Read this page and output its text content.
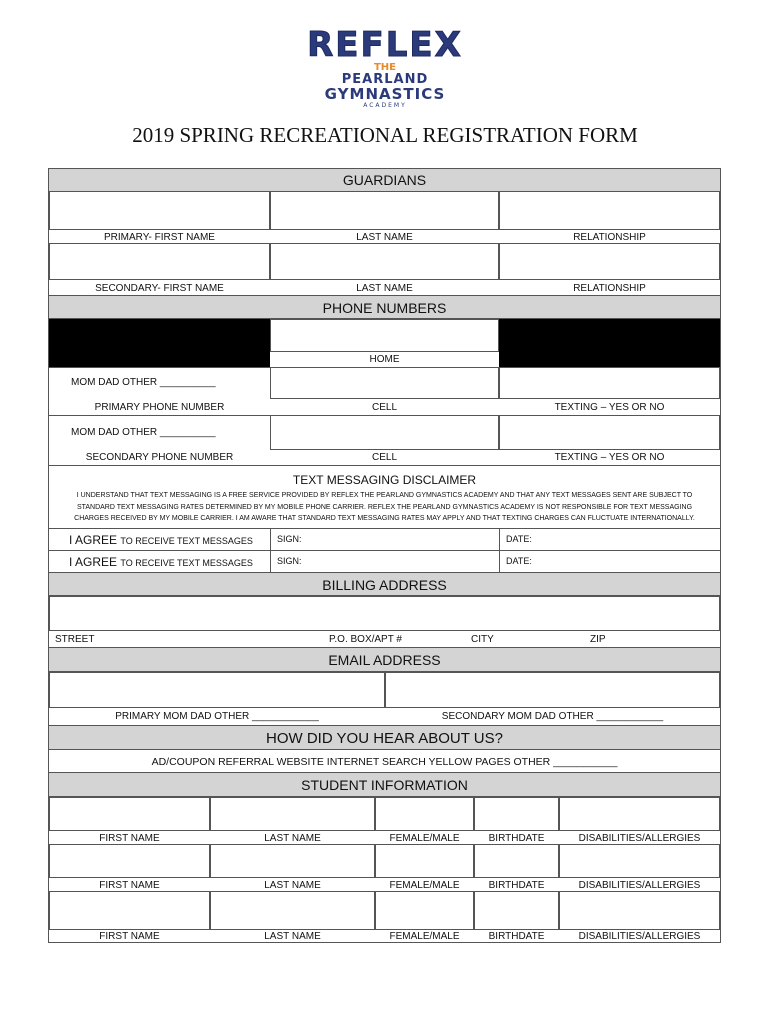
REFLEX
THE
PEARLAND
GYMNASTICS
ACADEMY
2019 SPRING RECREATIONAL REGISTRATION FORM
GUARDIANS
PRIMARY- FIRST NAME	LAST NAME	RELATIONSHIP
SECONDARY- FIRST NAME	LAST NAME	RELATIONSHIP
PHONE NUMBERS
HOME
MOM DAD OTHER __________
PRIMARY PHONE NUMBER	CELL	TEXTING – YES OR NO
MOM DAD OTHER __________
SECONDARY PHONE NUMBER	CELL	TEXTING – YES OR NO
TEXT MESSAGING DISCLAIMER
I UNDERSTAND THAT TEXT MESSAGING IS A FREE SERVICE PROVIDED BY REFLEX THE PEARLAND GYMNASTICS ACADEMY AND THAT ANY TEXT MESSAGES SENT ARE SUBJECT TO
STANDARD TEXT MESSAGING RATES DETERMINED BY MY MOBILE PHONE CARRIER. REFLEX THE PEARLAND GYMNASTICS ACADEMY IS NOT RESPONSIBLE FOR TEXT MESSAGING
CHARGES RECEIVED BY MY MOBILE CARRIER. I AM AWARE THAT STANDARD TEXT MESSAGING RATES MAY APPLY AND THAT TEXTING CHARGES CAN FLUCTUATE INTERNATIONALLY.
I AGREE TO RECEIVE TEXT MESSAGES	SIGN:	DATE:
I AGREE TO RECEIVE TEXT MESSAGES	SIGN:	DATE:
BILLING ADDRESS
STREET	P.O. BOX/APT #	CITY	ZIP
EMAIL ADDRESS
PRIMARY MOM DAD OTHER ____________	SECONDARY MOM DAD OTHER ____________
HOW DID YOU HEAR ABOUT US?
AD/COUPON REFERRAL WEBSITE INTERNET SEARCH YELLOW PAGES OTHER ___________
STUDENT INFORMATION
FIRST NAME	LAST NAME	FEMALE/MALE	BIRTHDATE	DISABILITIES/ALLERGIES
FIRST NAME	LAST NAME	FEMALE/MALE	BIRTHDATE	DISABILITIES/ALLERGIES
FIRST NAME	LAST NAME	FEMALE/MALE	BIRTHDATE	DISABILITIES/ALLERGIES
